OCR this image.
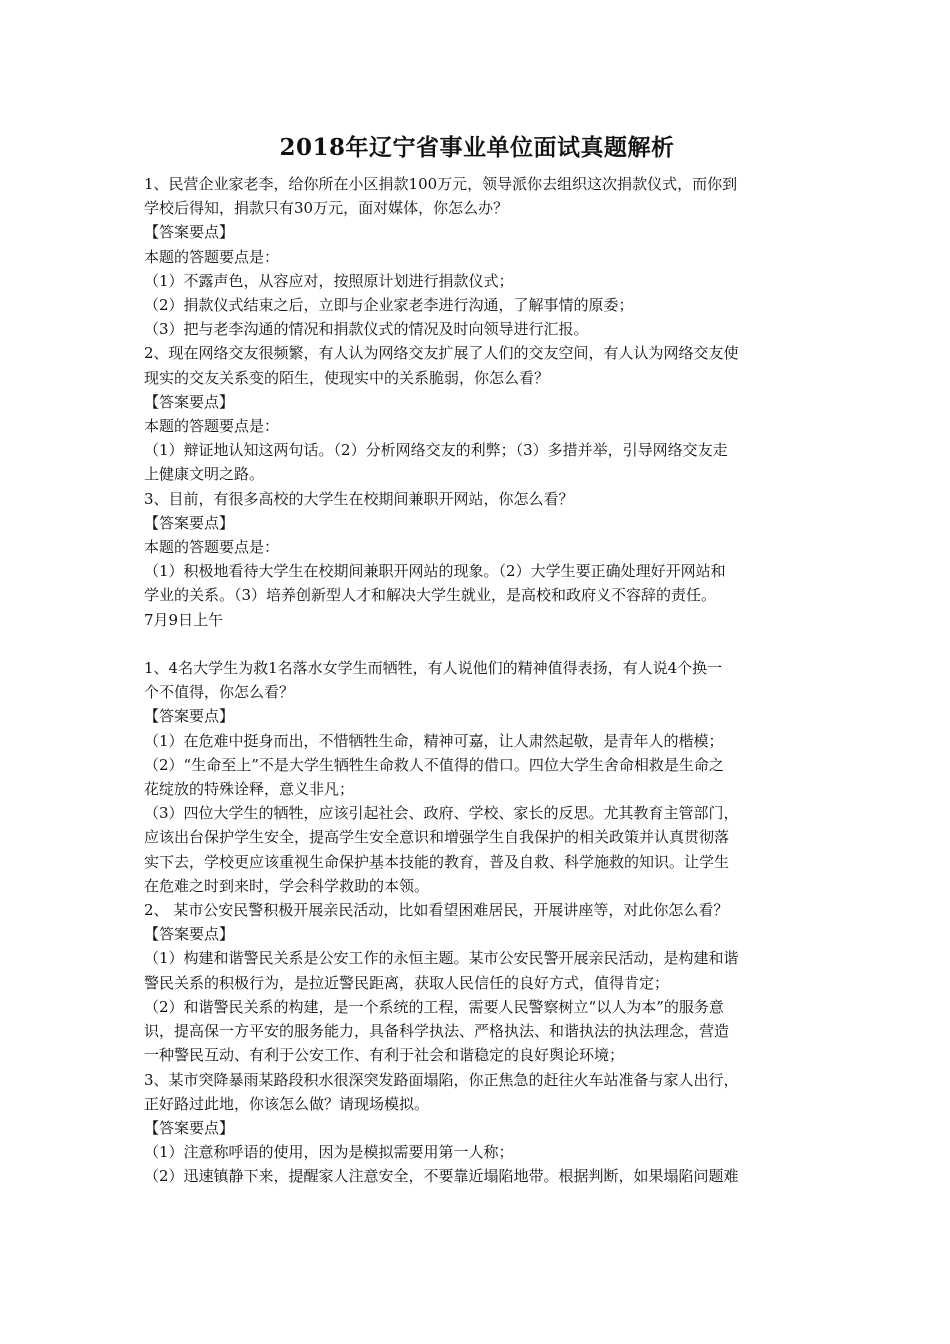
2018年辽宁省事业单位面试真题解析

1、民营企业家老李，给你所在小区捐款100万元，领导派你去组织这次捐款仪式，而你到

学校后得知，捐款只有30万元，面对媒体，你怎么办？

【答案要点】

本题的答题要点是：

（1）不露声色，从容应对，按照原计划进行捐款仪式；

（2）捐款仪式结束之后，立即与企业家老李进行沟通，了解事情的原委；

（3）把与老李沟通的情况和捐款仪式的情况及时向领导进行汇报。

2、现在网络交友很频繁，有人认为网络交友扩展了人们的交友空间，有人认为网络交友使

现实的交友关系变的陌生，使现实中的关系脆弱，你怎么看？

【答案要点】

本题的答题要点是：

（1）辩证地认知这两句话。（2）分析网络交友的利弊；（3）多措并举，引导网络交友走

上健康文明之路。

3、目前，有很多高校的大学生在校期间兼职开网站，你怎么看？

【答案要点】

本题的答题要点是：

（1）积极地看待大学生在校期间兼职开网站的现象。（2）大学生要正确处理好开网站和

学业的关系。（3）培养创新型人才和解决大学生就业，是高校和政府义不容辞的责任。

7月9日上午

1、4名大学生为救1名落水女学生而牺牲，有人说他们的精神值得表扬，有人说4个换一

个不值得，你怎么看？

【答案要点】

（1）在危难中挺身而出，不惜牺牲生命，精神可嘉，让人肃然起敬，是青年人的楷模；

（2）“生命至上”不是大学生牺牲生命救人不值得的借口。四位大学生舍命相救是生命之

花绽放的特殊诠释，意义非凡；

（3）四位大学生的牺牲，应该引起社会、政府、学校、家长的反思。尤其教育主管部门，

应该出台保护学生安全，提高学生安全意识和增强学生自我保护的相关政策并认真贯彻落

实下去，学校更应该重视生命保护基本技能的教育，普及自救、科学施救的知识。让学生

在危难之时到来时，学会科学救助的本领。

2、 某市公安民警积极开展亲民活动，比如看望困难居民，开展讲座等，对此你怎么看？

【答案要点】

（1）构建和谐警民关系是公安工作的永恒主题。某市公安民警开展亲民活动，是构建和谐

警民关系的积极行为，是拉近警民距离，获取人民信任的良好方式，值得肯定；

（2）和谐警民关系的构建，是一个系统的工程，需要人民警察树立“以人为本”的服务意

识，提高保一方平安的服务能力，具备科学执法、严格执法、和谐执法的执法理念，营造

一种警民互动、有利于公安工作、有利于社会和谐稳定的良好舆论环境；

3、某市突降暴雨某路段积水很深突发路面塌陷，你正焦急的赶往火车站准备与家人出行，

正好路过此地，你该怎么做？请现场模拟。

【答案要点】

（1）注意称呼语的使用，因为是模拟需要用第一人称；

（2）迅速镇静下来，提醒家人注意安全，不要靠近塌陷地带。根据判断，如果塌陷问题难
